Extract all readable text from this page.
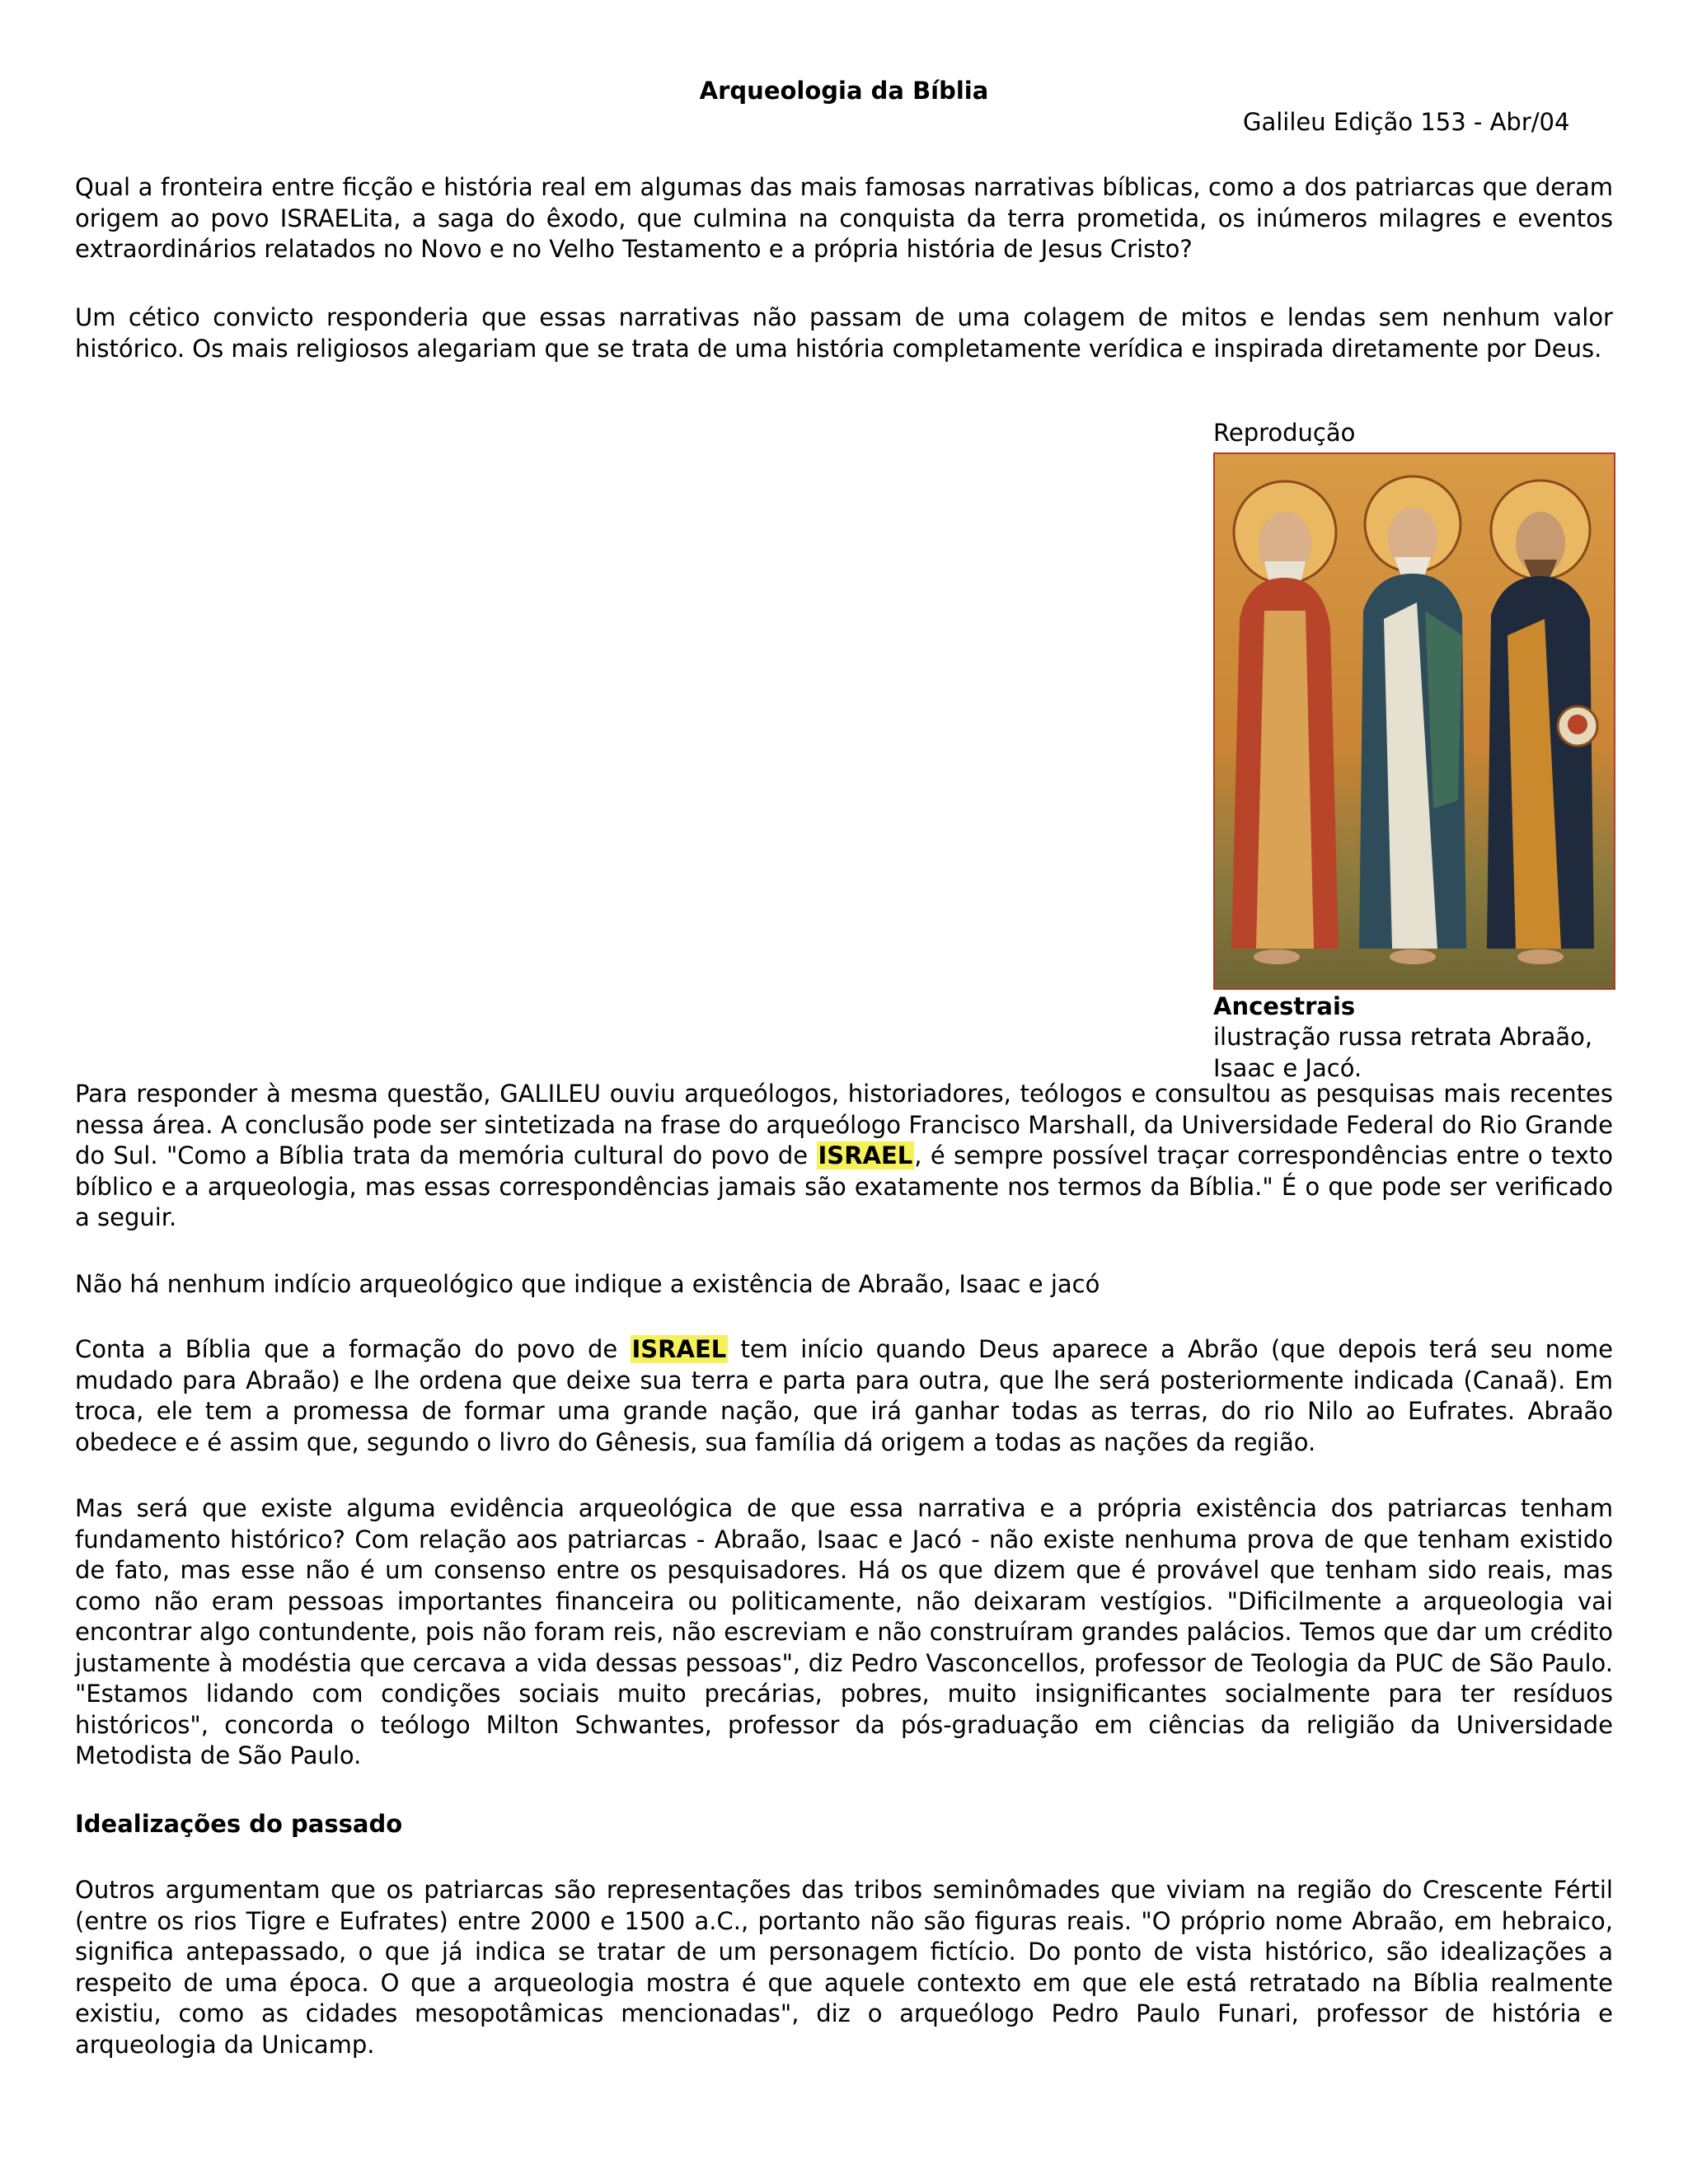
Arqueologia da Bíblia
Galileu Edição 153 - Abr/04

Qual a fronteira entre ficção e história real em algumas das mais famosas narrativas bíblicas, como a dos patriarcas que deram origem ao povo ISRAELita, a saga do êxodo, que culmina na conquista da terra prometida, os inúmeros milagres e eventos extraordinários relatados no Novo e no Velho Testamento e a própria história de Jesus Cristo?

Um cético convicto responderia que essas narrativas não passam de uma colagem de mitos e lendas sem nenhum valor histórico. Os mais religiosos alegariam que se trata de uma história completamente verídica e inspirada diretamente por Deus.

Reprodução
Ancestrais
ilustração russa retrata Abraão, Isaac e Jacó.

Para responder à mesma questão, GALILEU ouviu arqueólogos, historiadores, teólogos e consultou as pesquisas mais recentes nessa área. A conclusão pode ser sintetizada na frase do arqueólogo Francisco Marshall, da Universidade Federal do Rio Grande do Sul. "Como a Bíblia trata da memória cultural do povo de ISRAEL, é sempre possível traçar correspondências entre o texto bíblico e a arqueologia, mas essas correspondências jamais são exatamente nos termos da Bíblia." É o que pode ser verificado a seguir.

Não há nenhum indício arqueológico que indique a existência de Abraão, Isaac e jacó

Conta a Bíblia que a formação do povo de ISRAEL tem início quando Deus aparece a Abrão (que depois terá seu nome mudado para Abraão) e lhe ordena que deixe sua terra e parta para outra, que lhe será posteriormente indicada (Canaã). Em troca, ele tem a promessa de formar uma grande nação, que irá ganhar todas as terras, do rio Nilo ao Eufrates. Abraão obedece e é assim que, segundo o livro do Gênesis, sua família dá origem a todas as nações da região.

Mas será que existe alguma evidência arqueológica de que essa narrativa e a própria existência dos patriarcas tenham fundamento histórico? Com relação aos patriarcas - Abraão, Isaac e Jacó - não existe nenhuma prova de que tenham existido de fato, mas esse não é um consenso entre os pesquisadores. Há os que dizem que é provável que tenham sido reais, mas como não eram pessoas importantes financeira ou politicamente, não deixaram vestígios. "Dificilmente a arqueologia vai encontrar algo contundente, pois não foram reis, não escreviam e não construíram grandes palácios. Temos que dar um crédito justamente à modéstia que cercava a vida dessas pessoas", diz Pedro Vasconcellos, professor de Teologia da PUC de São Paulo. "Estamos lidando com condições sociais muito precárias, pobres, muito insignificantes socialmente para ter resíduos históricos", concorda o teólogo Milton Schwantes, professor da pós-graduação em ciências da religião da Universidade Metodista de São Paulo.

Idealizações do passado

Outros argumentam que os patriarcas são representações das tribos seminômades que viviam na região do Crescente Fértil (entre os rios Tigre e Eufrates) entre 2000 e 1500 a.C., portanto não são figuras reais. "O próprio nome Abraão, em hebraico, significa antepassado, o que já indica se tratar de um personagem fictício. Do ponto de vista histórico, são idealizações a respeito de uma época. O que a arqueologia mostra é que aquele contexto em que ele está retratado na Bíblia realmente existiu, como as cidades mesopotâmicas mencionadas", diz o arqueólogo Pedro Paulo Funari, professor de história e arqueologia da Unicamp.
